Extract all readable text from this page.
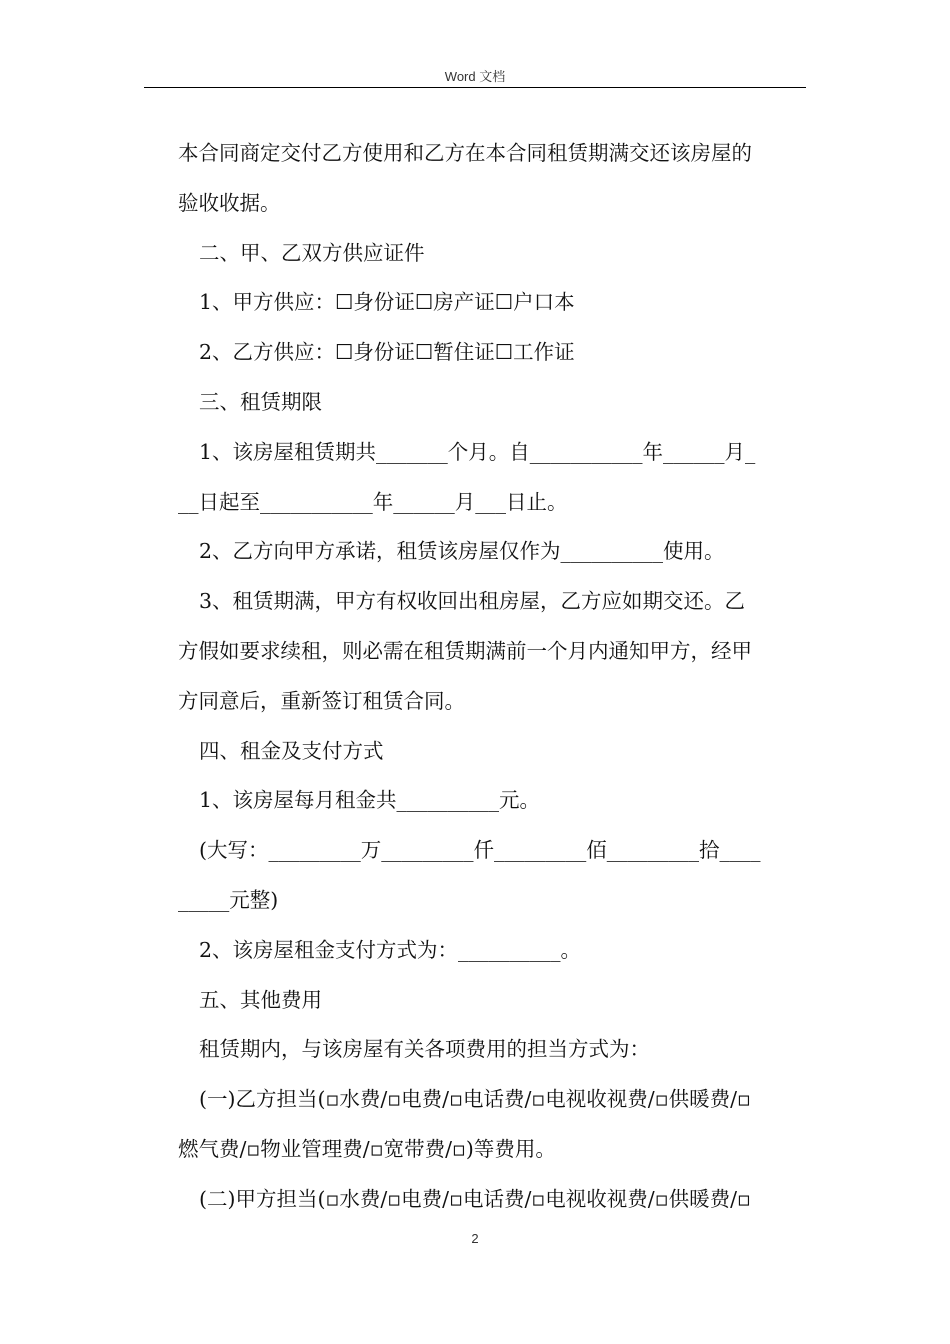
Word 文档
本合同商定交付乙方使用和乙方在本合同租赁期满交还该房屋的
验收收据。
二、甲、乙双方供应证件
1、甲方供应：☐身份证☐房产证☐户口本
2、乙方供应：☐身份证☐暂住证☐工作证
三、租赁期限
1、该房屋租赁期共_______个月。自___________年______月_
__日起至___________年______月___日止。
2、乙方向甲方承诺，租赁该房屋仅作为__________使用。
3、租赁期满，甲方有权收回出租房屋，乙方应如期交还。乙
方假如要求续租，则必需在租赁期满前一个月内通知甲方，经甲
方同意后，重新签订租赁合同。
四、租金及支付方式
1、该房屋每月租金共__________元。
(大写：_________万_________仟_________佰_________拾____
_____元整)
2、该房屋租金支付方式为：__________。
五、其他费用
租赁期内，与该房屋有关各项费用的担当方式为：
(一)乙方担当(▫水费/▫电费/▫电话费/▫电视收视费/▫供暖费/▫
燃气费/▫物业管理费/▫宽带费/▫)等费用。
(二)甲方担当(▫水费/▫电费/▫电话费/▫电视收视费/▫供暖费/▫
2
